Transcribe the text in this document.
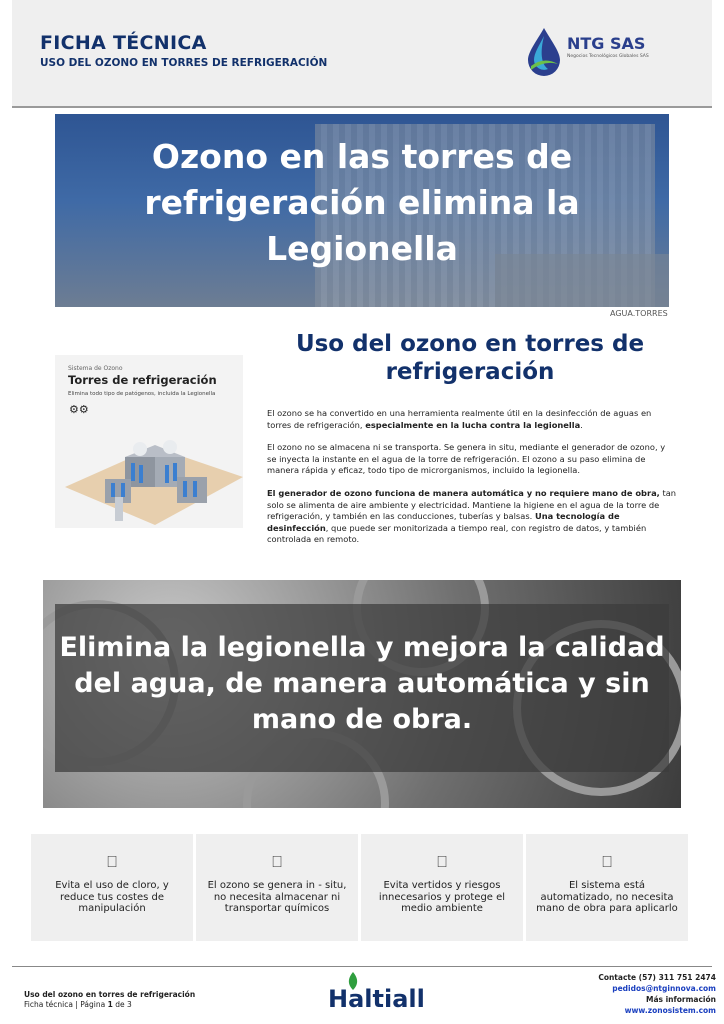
FICHA TÉCNICA
USO DEL OZONO EN TORRES DE REFRIGERACIÓN
NTG SAS
Negocios Tecnológicos Globales SAS
Ozono en las torres de refrigeración elimina la Legionella
AGUA.TORRES
Sistema de Ozono
Torres de refrigeración
Elimina todo tipo de patógenos, incluida la Legionella
⚙⚙
Uso del ozono en torres de refrigeración

El ozono se ha convertido en una herramienta realmente útil en la desinfección de aguas en torres de refrigeración, especialmente en la lucha contra la legionella.

El ozono no se almacena ni se transporta. Se genera in situ, mediante el generador de ozono, y se inyecta la instante en el agua de la torre de refrigeración. El ozono a su paso elimina de manera rápida y eficaz, todo tipo de microrganismos, incluido la legionella.

El generador de ozono funciona de manera automática y no requiere mano de obra, tan solo se alimenta de aire ambiente y electricidad. Mantiene la higiene en el agua de la torre de refrigeración, y también en las conducciones, tuberías y balsas. Una tecnología de desinfección, que puede ser monitorizada a tiempo real, con registro de datos, y también controlada en remoto.

Elimina la legionella y mejora la calidad del agua, de manera automática y sin mano de obra.
⎕
Evita el uso de cloro, y reduce tus costes de manipulación
⎕
El ozono se genera in - situ, no necesita almacenar ni transportar químicos
⎕
Evita vertidos y riesgos innecesarios y protege el medio ambiente
⎕
El sistema está automatizado, no necesita mano de obra para aplicarlo
Uso del ozono en torres de refrigeración
Ficha técnica | Página 1 de 3	Haltiall
Contacte (57) 311 751 2474
pedidos@ntginnova.com
Más información
www.zonosistem.com
